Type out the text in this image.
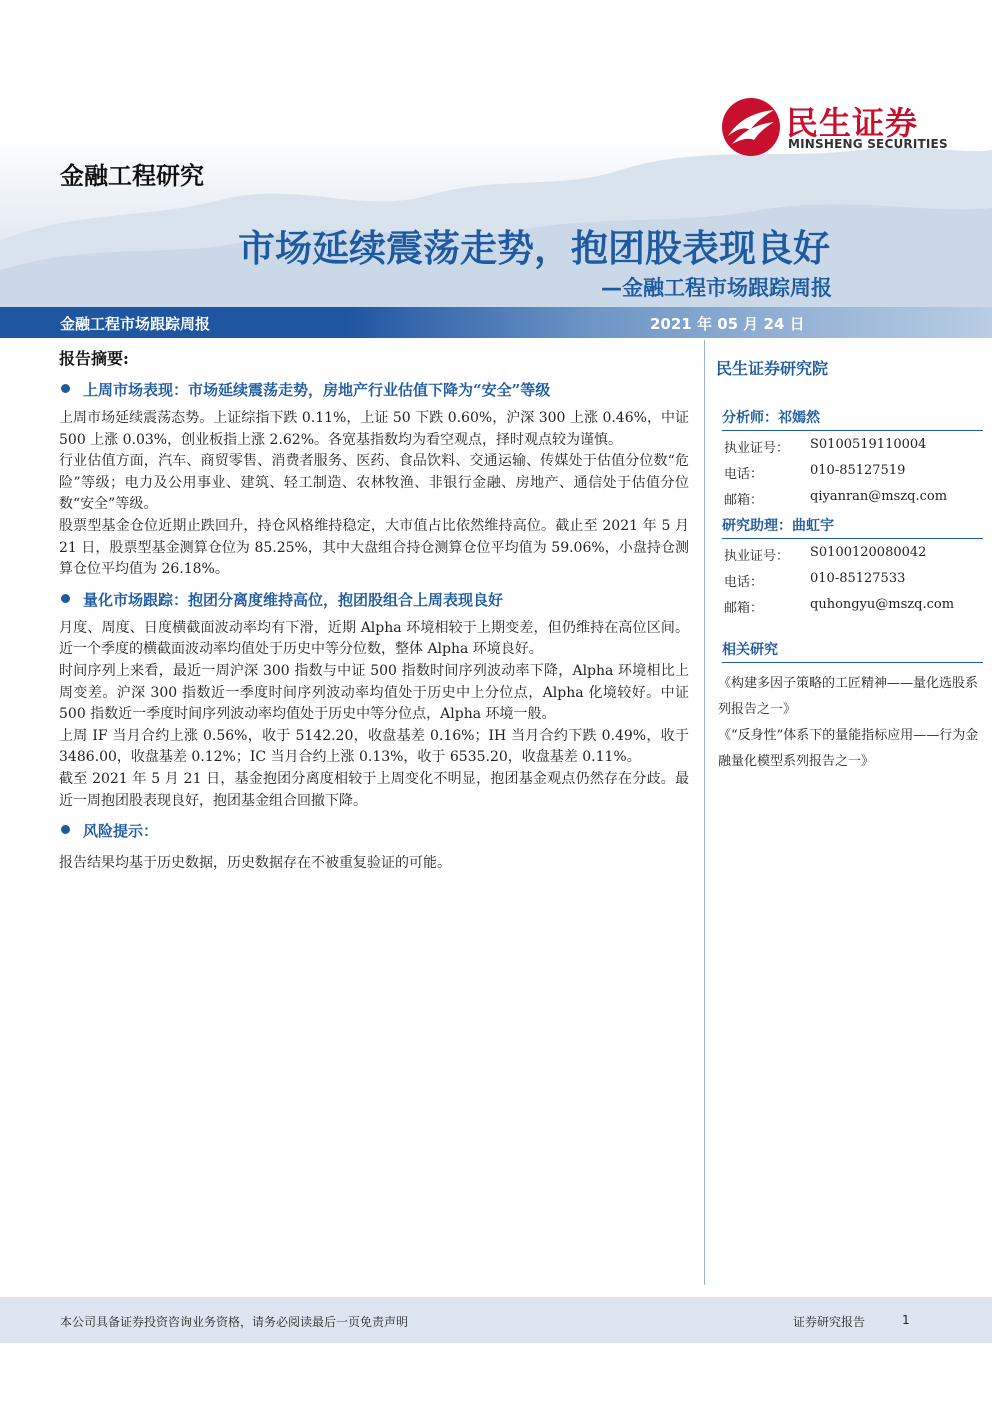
金融工程研究
民生证券
MINSHENG SECURITIES
市场延续震荡走势，抱团股表现良好
—金融工程市场跟踪周报
金融工程市场跟踪周报	2021 年 05 月 24 日
报告摘要:
上周市场表现：市场延续震荡走势，房地产行业估值下降为“安全”等级

上周市场延续震荡态势。上证综指下跌 0.11%，上证 50 下跌 0.60%，沪深 300 上涨 0.46%，中证 500 上涨 0.03%，创业板指上涨 2.62%。各宽基指数均为看空观点，择时观点较为谨慎。

行业估值方面，汽车、商贸零售、消费者服务、医药、食品饮料、交通运输、传媒处于估值分位数“危险”等级；电力及公用事业、建筑、轻工制造、农林牧渔、非银行金融、房地产、通信处于估值分位数“安全”等级。

股票型基金仓位近期止跌回升，持仓风格维持稳定，大市值占比依然维持高位。截止至 2021 年 5 月 21 日，股票型基金测算仓位为 85.25%，其中大盘组合持仓测算仓位平均值为 59.06%，小盘持仓测算仓位平均值为 26.18%。

量化市场跟踪：抱团分离度维持高位，抱团股组合上周表现良好

月度、周度、日度横截面波动率均有下滑，近期 Alpha 环境相较于上期变差，但仍维持在高位区间。近一个季度的横截面波动率均值处于历史中等分位数，整体 Alpha 环境良好。

时间序列上来看，最近一周沪深 300 指数与中证 500 指数时间序列波动率下降，Alpha 环境相比上周变差。沪深 300 指数近一季度时间序列波动率均值处于历史中上分位点，Alpha 化境较好。中证 500 指数近一季度时间序列波动率均值处于历史中等分位点，Alpha 环境一般。

上周 IF 当月合约上涨 0.56%，收于 5142.20，收盘基差 0.16%；IH 当月合约下跌 0.49%，收于 3486.00，收盘基差 0.12%；IC 当月合约上涨 0.13%，收于 6535.20，收盘基差 0.11%。

截至 2021 年 5 月 21 日，基金抱团分离度相较于上周变化不明显，抱团基金观点仍然存在分歧。最近一周抱团股表现良好，抱团基金组合回撤下降。

风险提示：

报告结果均基于历史数据，历史数据存在不被重复验证的可能。

民生证券研究院
分析师：祁嫣然
执业证号： S0100519110004
电话：	010-85127519
邮箱：	qiyanran@mszq.com
研究助理：曲虹宇
执业证号： S0100120080042
电话：	010-85127533
邮箱：	quhongyu@mszq.com
相关研究
《构建多因子策略的工匠精神——量化选股系列报告之一》
《“反身性”体系下的量能指标应用——行为金融量化模型系列报告之一》
本公司具备证券投资咨询业务资格，请务必阅读最后一页免责声明	证券研究报告	1
